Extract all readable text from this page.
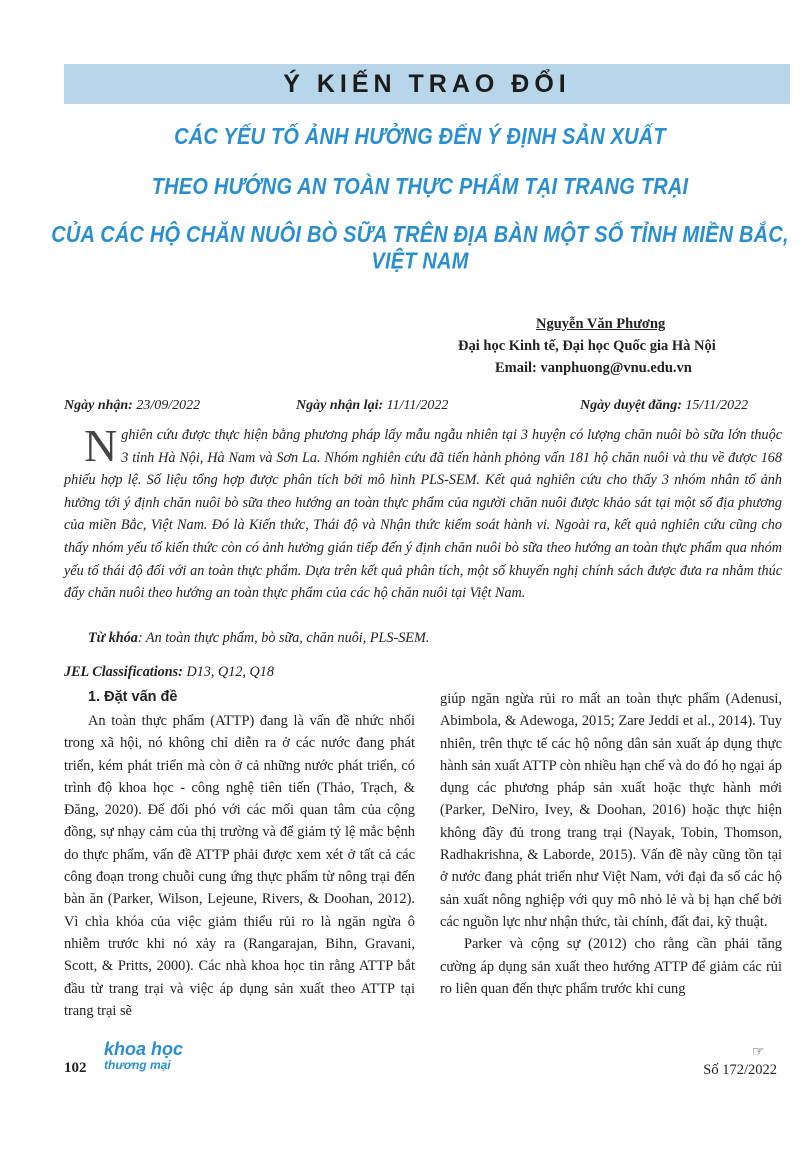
Ý KIẾN TRAO ĐỔI
CÁC YẾU TỐ ẢNH HƯỞNG ĐẾN Ý ĐỊNH SẢN XUẤT
THEO HƯỚNG AN TOÀN THỰC PHẨM TẠI TRANG TRẠI
CỦA CÁC HỘ CHĂN NUÔI BÒ SỮA TRÊN ĐỊA BÀN MỘT SỐ TỈNH MIỀN BẮC, VIỆT NAM
Nguyễn Văn Phương
Đại học Kinh tế, Đại học Quốc gia Hà Nội
Email: vanphuong@vnu.edu.vn
Ngày nhận: 23/09/2022	Ngày nhận lại: 11/11/2022	Ngày duyệt đăng: 15/11/2022
N ghiên cứu được thực hiện bằng phương pháp lấy mẫu ngẫu nhiên tại 3 huyện có lượng chăn nuôi bò sữa lớn thuộc 3 tỉnh Hà Nội, Hà Nam và Sơn La. Nhóm nghiên cứu đã tiến hành phỏng vấn 181 hộ chăn nuôi và thu về được 168 phiếu hợp lệ. Số liệu tổng hợp được phân tích bởi mô hình PLS-SEM. Kết quả nghiên cứu cho thấy 3 nhóm nhân tố ảnh hưởng tới ý định chăn nuôi bò sữa theo hướng an toàn thực phẩm của người chăn nuôi được khảo sát tại một số địa phương của miền Bắc, Việt Nam. Đó là Kiến thức, Thái độ và Nhận thức kiểm soát hành vi. Ngoài ra, kết quả nghiên cứu cũng cho thấy nhóm yếu tố kiến thức còn có ảnh hưởng gián tiếp đến ý định chăn nuôi bò sữa theo hướng an toàn thực phẩm qua nhóm yếu tố thái độ đối với an toàn thực phẩm. Dựa trên kết quả phân tích, một số khuyến nghị chính sách được đưa ra nhằm thúc đẩy chăn nuôi theo hướng an toàn thực phẩm của các hộ chăn nuôi tại Việt Nam.
Từ khóa: An toàn thực phẩm, bò sữa, chăn nuôi, PLS-SEM.
JEL Classifications: D13, Q12, Q18
1. Đặt vấn đề

An toàn thực phẩm (ATTP) đang là vấn đề nhức nhối trong xã hội, nó không chỉ diễn ra ở các nước đang phát triển, kém phát triển mà còn ở cả những nước phát triển, có trình độ khoa học - công nghệ tiên tiến (Thảo, Trạch, & Đăng, 2020). Để đối phó với các mối quan tâm của cộng đồng, sự nhạy cảm của thị trường và để giảm tỷ lệ mắc bệnh do thực phẩm, vấn đề ATTP phải được xem xét ở tất cả các công đoạn trong chuỗi cung ứng thực phẩm từ nông trại đến bàn ăn (Parker, Wilson, Lejeune, Rivers, & Doohan, 2012). Vì chìa khóa của việc giảm thiểu rủi ro là ngăn ngừa ô nhiễm trước khi nó xảy ra (Rangarajan, Bihn, Gravani, Scott, & Pritts, 2000). Các nhà khoa học tin rằng ATTP bắt đầu từ trang trại và việc áp dụng sản xuất theo ATTP tại trang trại sẽ

giúp ngăn ngừa rủi ro mất an toàn thực phẩm (Adenusi, Abimbola, & Adewoga, 2015; Zare Jeddi et al., 2014). Tuy nhiên, trên thực tế các hộ nông dân sản xuất áp dụng thực hành sản xuất ATTP còn nhiều hạn chế và do đó họ ngại áp dụng các phương pháp sản xuất hoặc thực hành mới (Parker, DeNiro, Ivey, & Doohan, 2016) hoặc thực hiện không đầy đủ trong trang trại (Nayak, Tobin, Thomson, Radhakrishna, & Laborde, 2015). Vấn đề này cũng tồn tại ở nước đang phát triển như Việt Nam, với đại đa số các hộ sản xuất nông nghiệp với quy mô nhỏ lẻ và bị hạn chế bởi các nguồn lực như nhận thức, tài chính, đất đai, kỹ thuật.

Parker và cộng sự (2012) cho rằng cần phải tăng cường áp dụng sản xuất theo hướng ATTP để giảm các rủi ro liên quan đến thực phẩm trước khi cung

☞
102
khoa học
thương mại	Số 172/2022
